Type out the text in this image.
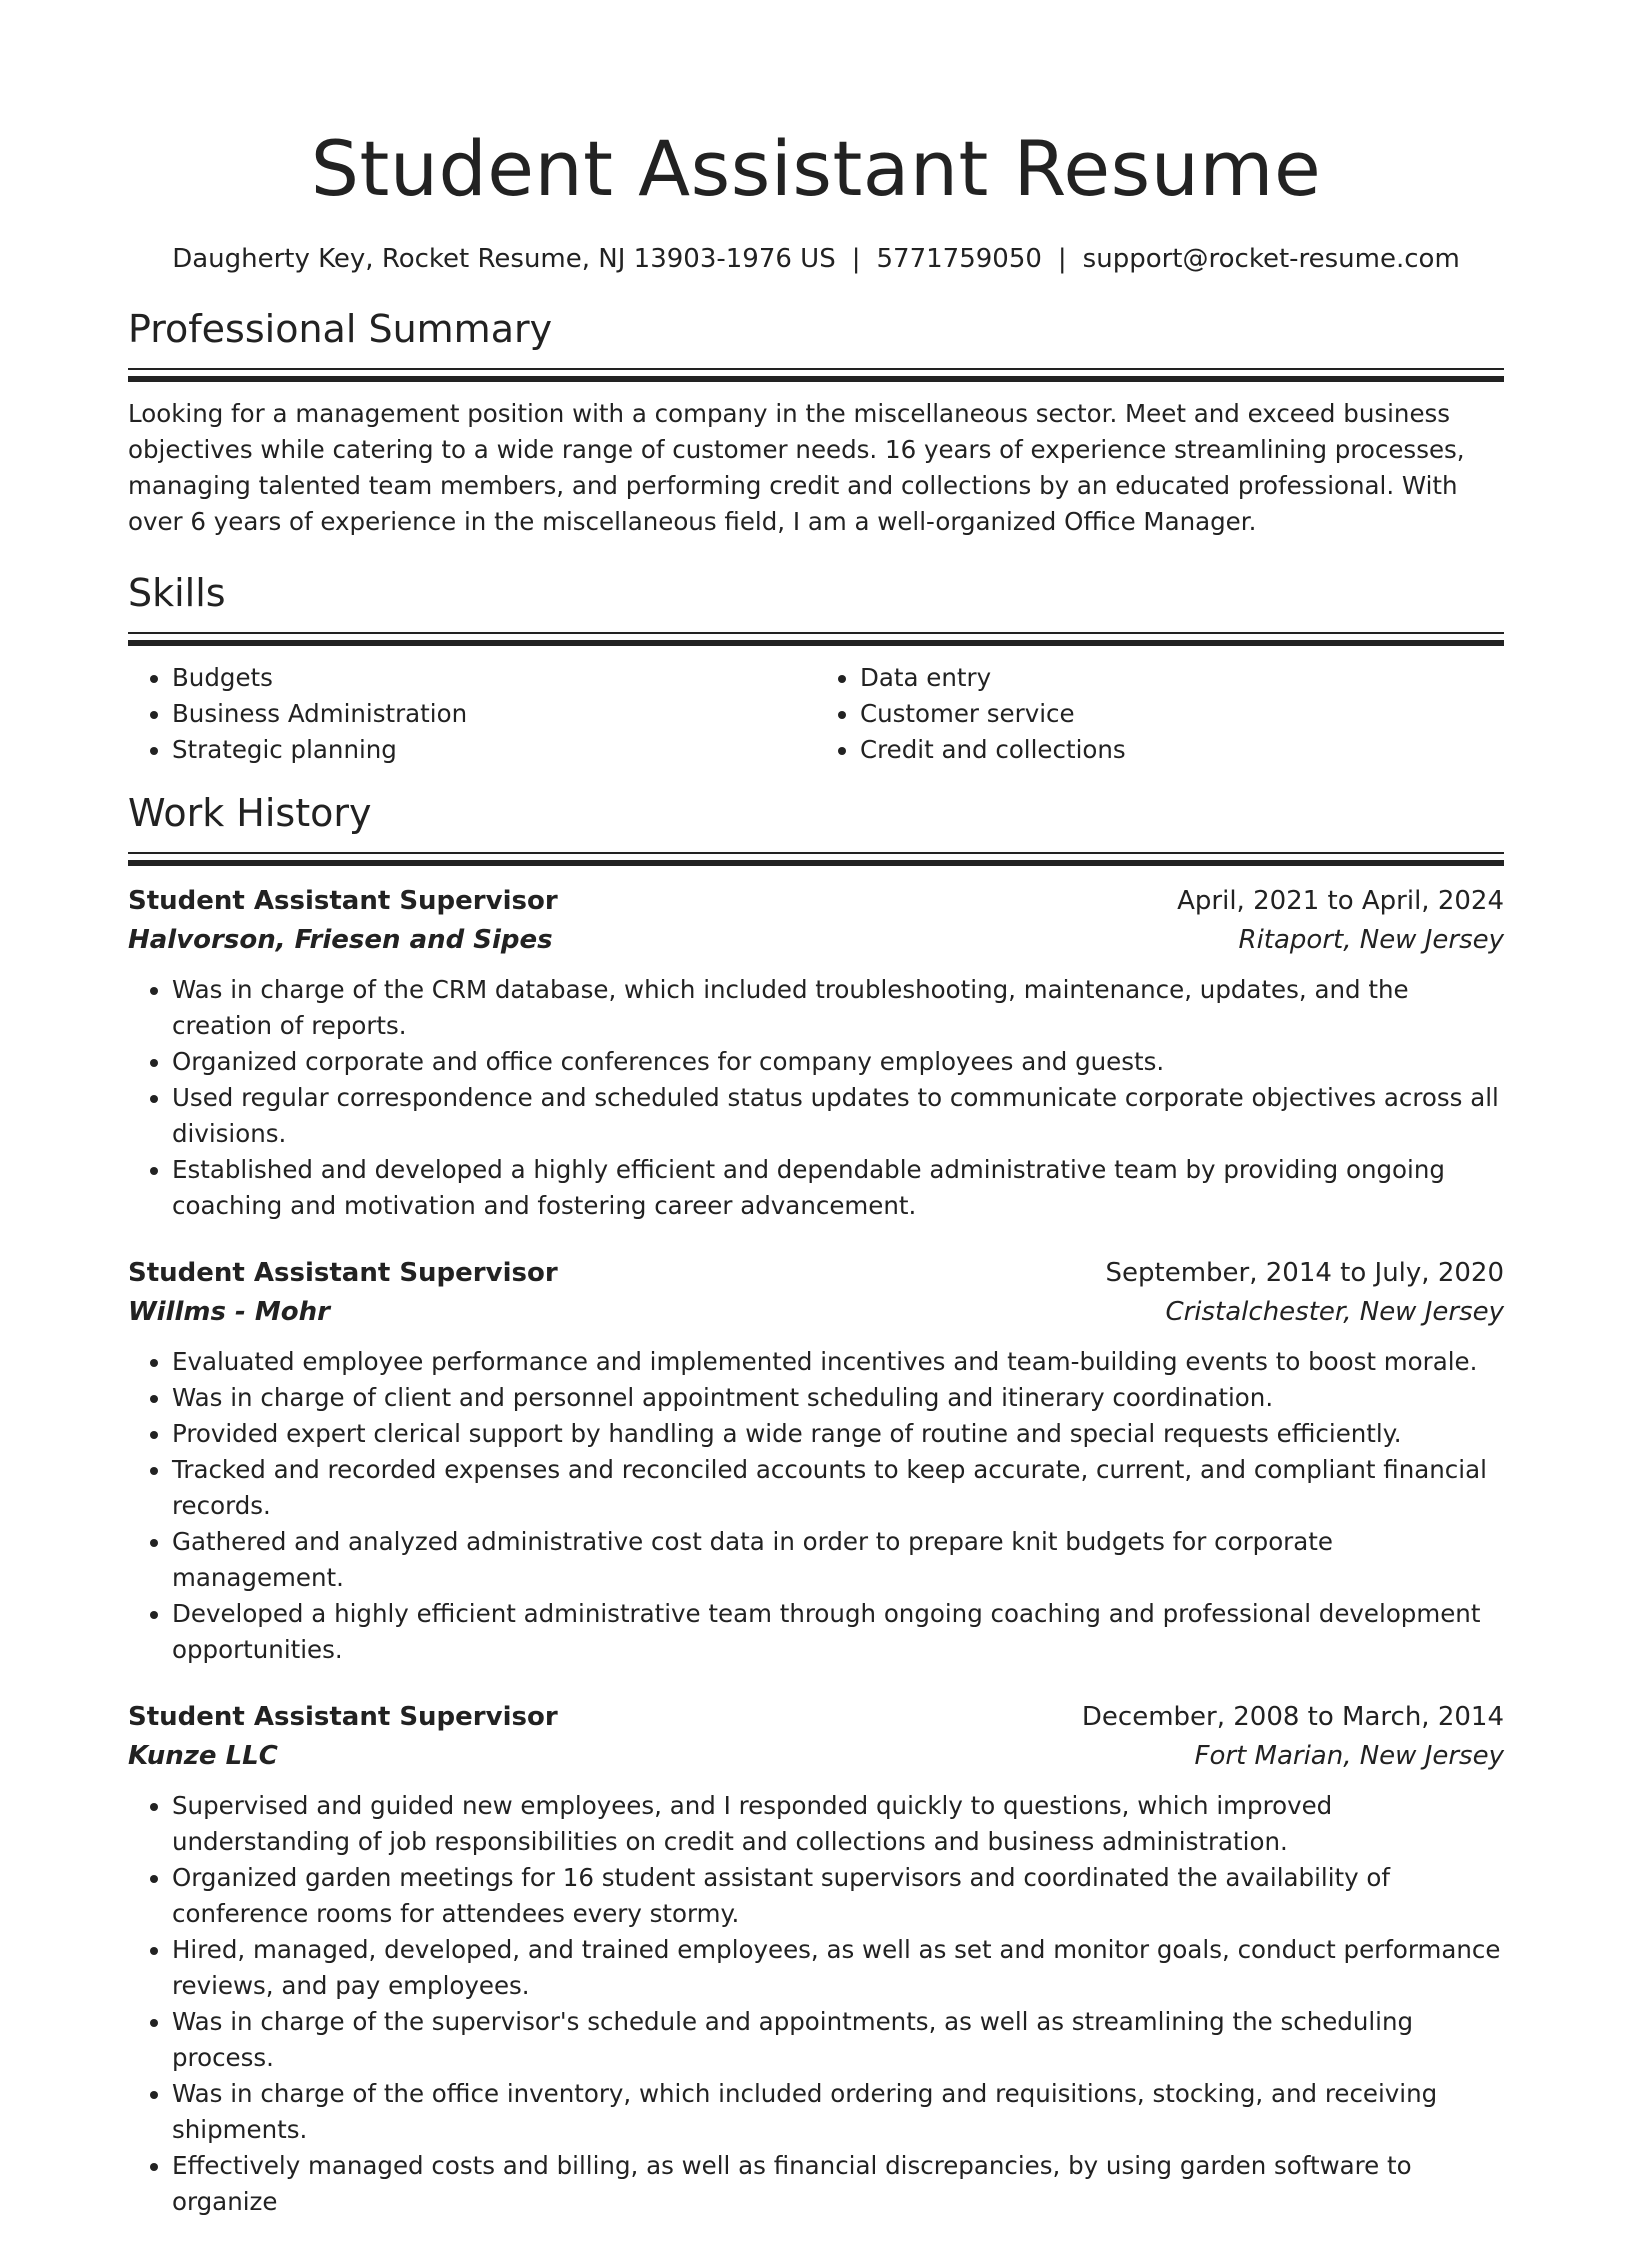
Student Assistant Resume
Daugherty Key, Rocket Resume, NJ 13903-1976 US | 5771759050 | support@rocket-resume.com
Professional Summary

Looking for a management position with a company in the miscellaneous sector. Meet and exceed business objectives while catering to a wide range of customer needs. 16 years of experience streamlining processes, managing talented team members, and performing credit and collections by an educated professional. With over 6 years of experience in the miscellaneous field, I am a well-organized Office Manager.

Skills
• Budgets
• Business Administration
• Strategic planning
• Data entry
• Customer service
• Credit and collections
Work History
Student Assistant Supervisor	April, 2021 to April, 2024
Halvorson, Friesen and Sipes	Ritaport, New Jersey
• Was in charge of the CRM database, which included troubleshooting, maintenance, updates, and the creation of reports.
• Organized corporate and office conferences for company employees and guests.
• Used regular correspondence and scheduled status updates to communicate corporate objectives across all divisions.
• Established and developed a highly efficient and dependable administrative team by providing ongoing coaching and motivation and fostering career advancement.
Student Assistant Supervisor	September, 2014 to July, 2020
Willms - Mohr	Cristalchester, New Jersey
• Evaluated employee performance and implemented incentives and team-building events to boost morale.
• Was in charge of client and personnel appointment scheduling and itinerary coordination.
• Provided expert clerical support by handling a wide range of routine and special requests efficiently.
• Tracked and recorded expenses and reconciled accounts to keep accurate, current, and compliant financial records.
• Gathered and analyzed administrative cost data in order to prepare knit budgets for corporate management.
• Developed a highly efficient administrative team through ongoing coaching and professional development opportunities.
Student Assistant Supervisor	December, 2008 to March, 2014
Kunze LLC	Fort Marian, New Jersey
• Supervised and guided new employees, and I responded quickly to questions, which improved understanding of job responsibilities on credit and collections and business administration.
• Organized garden meetings for 16 student assistant supervisors and coordinated the availability of conference rooms for attendees every stormy.
• Hired, managed, developed, and trained employees, as well as set and monitor goals, conduct performance reviews, and pay employees.
• Was in charge of the supervisor's schedule and appointments, as well as streamlining the scheduling process.
• Was in charge of the office inventory, which included ordering and requisitions, stocking, and receiving shipments.
• Effectively managed costs and billing, as well as financial discrepancies, by using garden software to organize
